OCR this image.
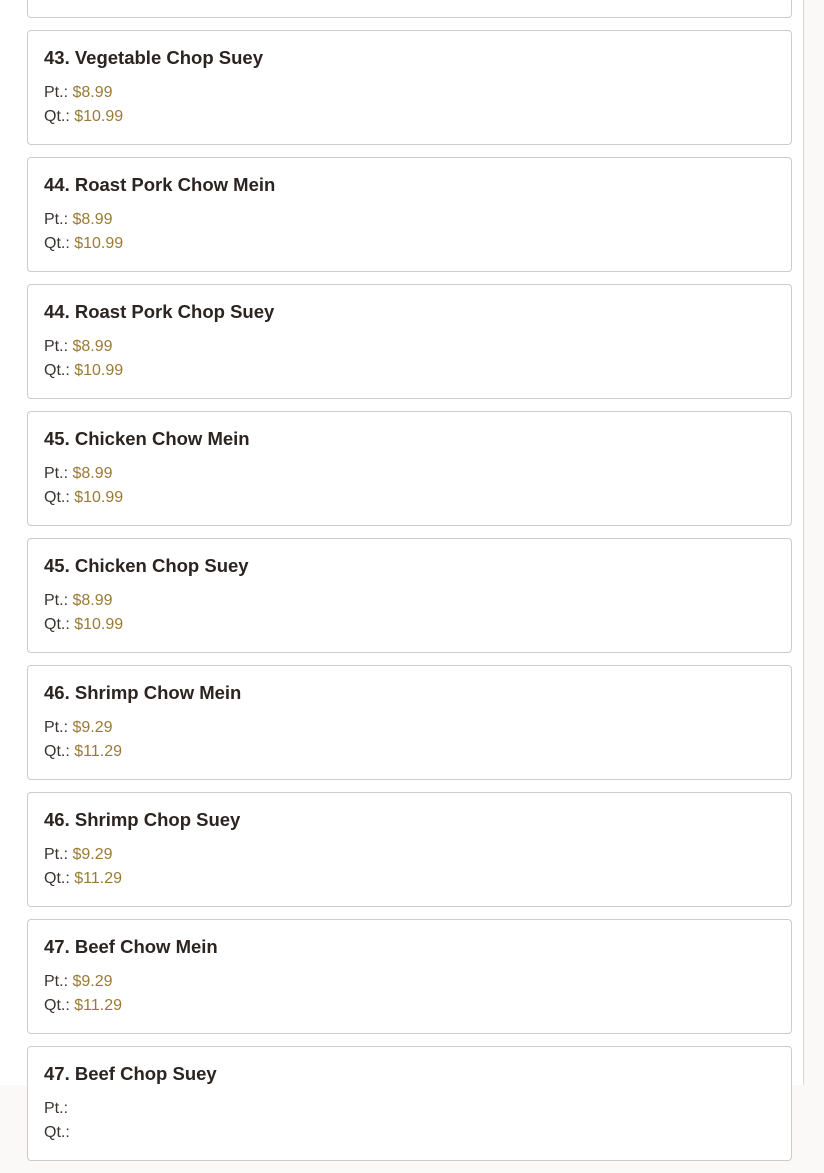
43. Vegetable Chop Suey
Pt.: $8.99
Qt.: $10.99
44. Roast Pork Chow Mein
Pt.: $8.99
Qt.: $10.99
44. Roast Pork Chop Suey
Pt.: $8.99
Qt.: $10.99
45. Chicken Chow Mein
Pt.: $8.99
Qt.: $10.99
45. Chicken Chop Suey
Pt.: $8.99
Qt.: $10.99
46. Shrimp Chow Mein
Pt.: $9.29
Qt.: $11.29
46. Shrimp Chop Suey
Pt.: $9.29
Qt.: $11.29
47. Beef Chow Mein
Pt.: $9.29
Qt.: $11.29
47. Beef Chop Suey
Pt.:
Qt.:
